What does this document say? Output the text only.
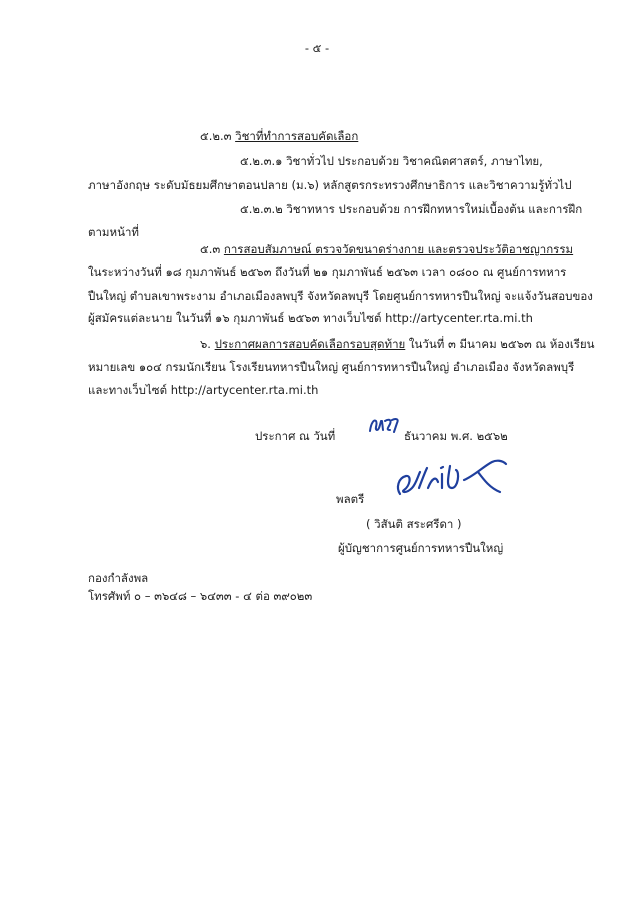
- ๕ -
๕.๒.๓ วิชาที่ทำการสอบคัดเลือก
๕.๒.๓.๑ วิชาทั่วไป ประกอบด้วย วิชาคณิตศาสตร์, ภาษาไทย,
ภาษาอังกฤษ ระดับมัธยมศึกษาตอนปลาย (ม.๖) หลักสูตรกระทรวงศึกษาธิการ และวิชาความรู้ทั่วไป
๕.๒.๓.๒ วิชาทหาร ประกอบด้วย การฝึกทหารใหม่เบื้องต้น และการฝึก
ตามหน้าที่
๕.๓ การสอบสัมภาษณ์ ตรวจวัดขนาดร่างกาย และตรวจประวัติอาชญากรรม
ในระหว่างวันที่ ๑๘ กุมภาพันธ์ ๒๕๖๓ ถึงวันที่ ๒๑ กุมภาพันธ์ ๒๕๖๓ เวลา ๐๘๐๐ ณ ศูนย์การทหาร
ปืนใหญ่ ตำบลเขาพระงาม อำเภอเมืองลพบุรี จังหวัดลพบุรี โดยศูนย์การทหารปืนใหญ่ จะแจ้งวันสอบของ
ผู้สมัครแต่ละนาย ในวันที่ ๑๖ กุมภาพันธ์ ๒๕๖๓ ทางเว็บไซต์ http://artycenter.rta.mi.th
๖. ประกาศผลการสอบคัดเลือกรอบสุดท้าย ในวันที่ ๓ มีนาคม ๒๕๖๓ ณ ห้องเรียน
หมายเลข ๑๐๔ กรมนักเรียน โรงเรียนทหารปืนใหญ่ ศูนย์การทหารปืนใหญ่ อำเภอเมือง จังหวัดลพบุรี
และทางเว็บไซต์ http://artycenter.rta.mi.th
ประกาศ ณ วันที่
๒๗
ธันวาคม พ.ศ. ๒๕๖๒
พลตรี
( วิสันติ สระศรีดา )
ผู้บัญชาการศูนย์การทหารปืนใหญ่
กองกำลังพล
โทรศัพท์ ๐ – ๓๖๔๘ – ๖๔๓๓ - ๔ ต่อ ๓๙๐๒๓
